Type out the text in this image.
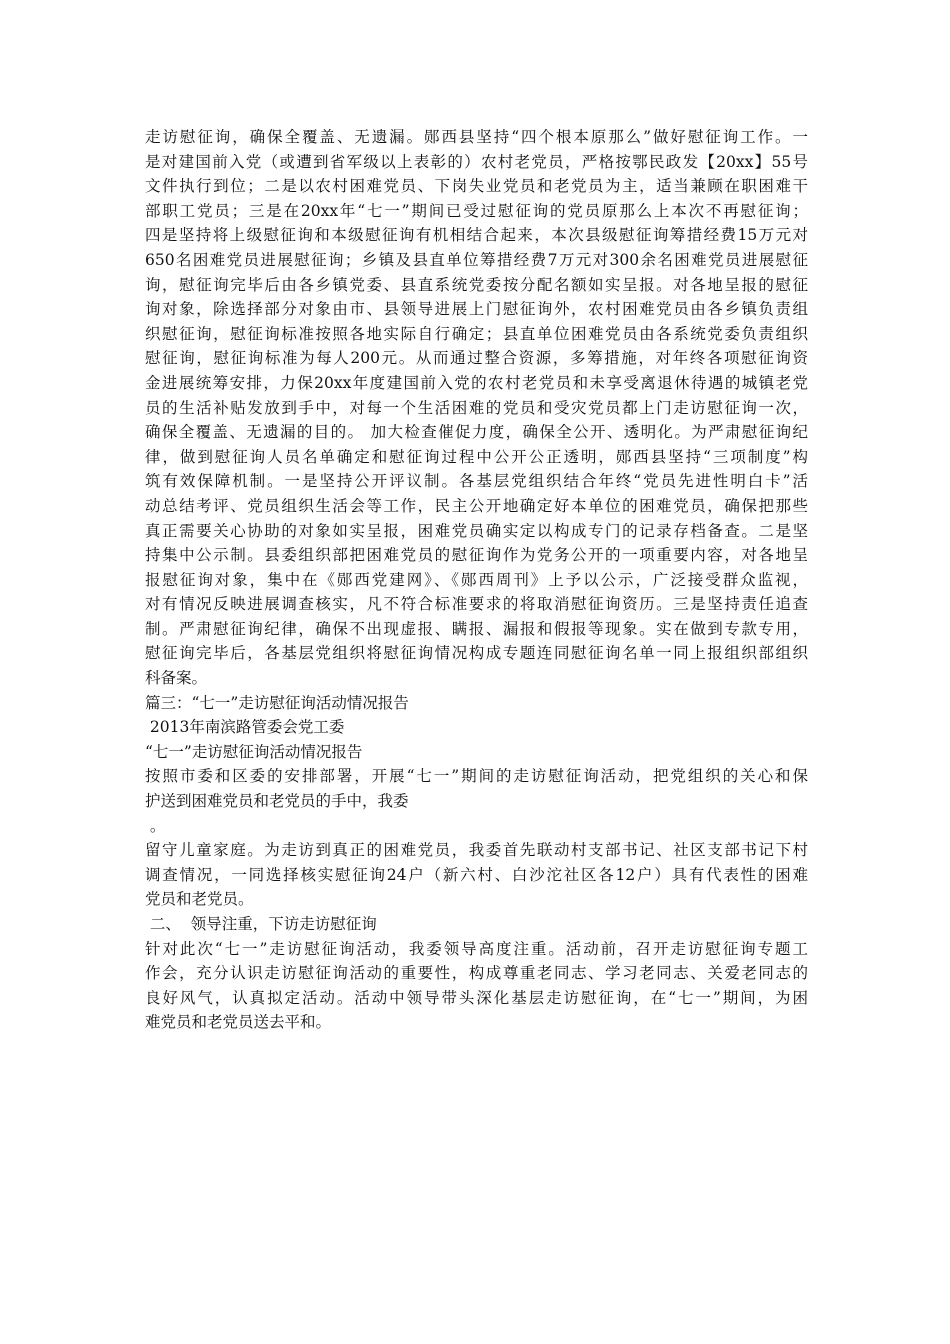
走访慰征询，确保全覆盖、无遗漏。郧西县坚持“四个根本原那么”做好慰征询工作。一
是对建国前入党（或遭到省军级以上表彰的）农村老党员，严格按鄂民政发【20xx】55号
文件执行到位；二是以农村困难党员、下岗失业党员和老党员为主，适当兼顾在职困难干
部职工党员；三是在20xx年“七一”期间已受过慰征询的党员原那么上本次不再慰征询；
四是坚持将上级慰征询和本级慰征询有机相结合起来，本次县级慰征询筹措经费15万元对
650名困难党员进展慰征询；乡镇及县直单位筹措经费7万元对300余名困难党员进展慰征
询，慰征询完毕后由各乡镇党委、县直系统党委按分配名额如实呈报。对各地呈报的慰征
询对象，除选择部分对象由市、县领导进展上门慰征询外，农村困难党员由各乡镇负责组
织慰征询，慰征询标准按照各地实际自行确定；县直单位困难党员由各系统党委负责组织
慰征询，慰征询标准为每人200元。从而通过整合资源，多筹措施，对年终各项慰征询资
金进展统筹安排，力保20xx年度建国前入党的农村老党员和未享受离退休待遇的城镇老党
员的生活补贴发放到手中，对每一个生活困难的党员和受灾党员都上门走访慰征询一次，
确保全覆盖、无遗漏的目的。 加大检查催促力度，确保全公开、透明化。为严肃慰征询纪
律，做到慰征询人员名单确定和慰征询过程中公开公正透明，郧西县坚持“三项制度”构
筑有效保障机制。一是坚持公开评议制。各基层党组织结合年终“党员先进性明白卡”活
动总结考评、党员组织生活会等工作，民主公开地确定好本单位的困难党员，确保把那些
真正需要关心协助的对象如实呈报，困难党员确实定以构成专门的记录存档备查。二是坚
持集中公示制。县委组织部把困难党员的慰征询作为党务公开的一项重要内容，对各地呈
报慰征询对象，集中在《郧西党建网》、《郧西周刊》上予以公示，广泛接受群众监视，
对有情况反映进展调查核实，凡不符合标准要求的将取消慰征询资历。三是坚持责任追查
制。严肃慰征询纪律，确保不出现虚报、瞒报、漏报和假报等现象。实在做到专款专用，
慰征询完毕后，各基层党组织将慰征询情况构成专题连同慰征询名单一同上报组织部组织
科备案。
篇三：“七一”走访慰征询活动情况报告
2013年南滨路管委会党工委
“七一”走访慰征询活动情况报告
按照市委和区委的安排部署，开展“七一”期间的走访慰征询活动，把党组织的关心和保
护送到困难党员和老党员的手中，我委
。
留守儿童家庭。为走访到真正的困难党员，我委首先联动村支部书记、社区支部书记下村
调查情况，一同选择核实慰征询24户（新六村、白沙沱社区各12户）具有代表性的困难
党员和老党员。
二、  领导注重，下访走访慰征询
针对此次“七一”走访慰征询活动，我委领导高度注重。活动前，召开走访慰征询专题工
作会，充分认识走访慰征询活动的重要性，构成尊重老同志、学习老同志、关爱老同志的
良好风气，认真拟定活动。活动中领导带头深化基层走访慰征询，在“七一”期间，为困
难党员和老党员送去平和。
